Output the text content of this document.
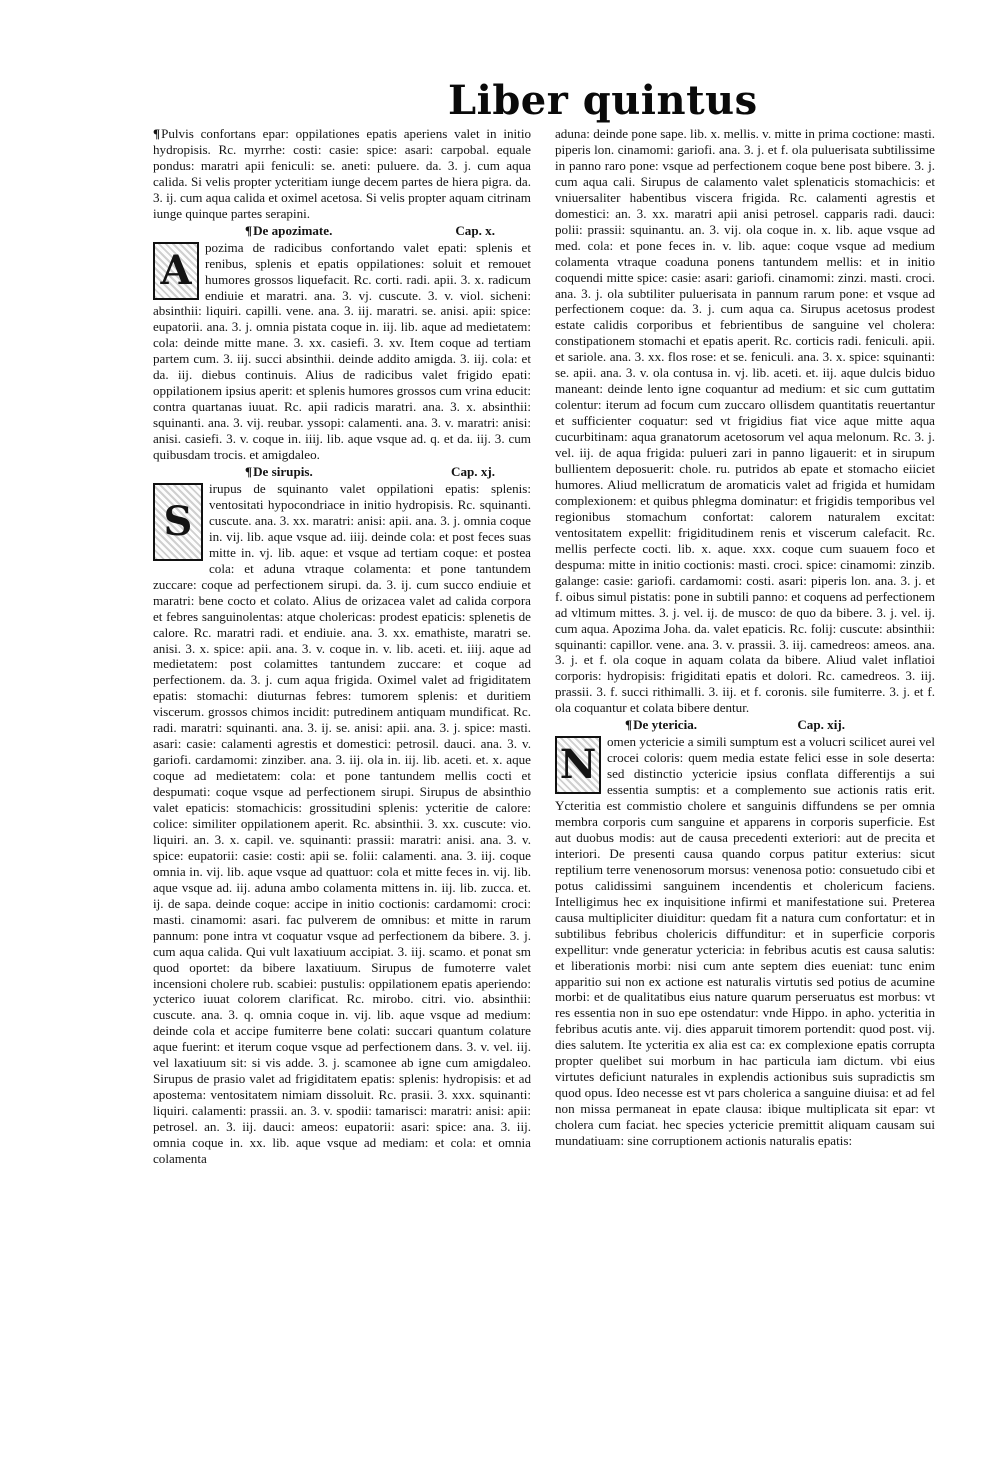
Liber quintus

¶Pulvis confortans epar: oppilationes epatis aperiens valet in initio hydropisis. Rc. myrrhe: costi: casie: spice: asari: carpobal. equale pondus: maratri apii feniculi: se. aneti: puluere. da. 3. j. cum aqua calida. Si velis propter ycteritiam iunge decem partes de hiera pigra. da. 3. ij. cum aqua calida et oximel acetosa. Si velis propter aquam citrinam iunge quinque partes serapini.

¶De apozimate.	Cap. x.

A	pozima de radicibus confortando valet epati: splenis et renibus, splenis et epatis oppilationes: soluit et remouet humores grossos liquefacit. Rc. corti. radi. apii. 3. x. radicum endiuie et maratri. ana. 3. vj. cuscute. 3. v. viol. sicheni: absinthii: liquiri. capilli. vene. ana. 3. iij. maratri. se. anisi. apii: spice: eupatorii. ana. 3. j. omnia pistata coque in. iij. lib. aque ad medietatem: cola: deinde mitte mane. 3. xx. casiefi. 3. xv. Item coque ad tertiam partem cum. 3. iij. succi absinthii. deinde addito amigda. 3. iij. cola: et da. iij. diebus continuis. Alius de radicibus valet frigido epati: oppilationem ipsius aperit: et splenis humores grossos cum vrina educit: contra quartanas iuuat. Rc. apii radicis maratri. ana. 3. x. absinthii: squinanti. ana. 3. vij. reubar. yssopi: calamenti. ana. 3. v. maratri: anisi: anisi. casiefi. 3. v. coque in. iiij. lib. aque vsque ad. q. et da. iij. 3. cum quibusdam trocis. et amigdaleo.

¶De sirupis.	Cap. xj.

S
irupus de squinanto valet oppilationi epatis: splenis: ventositati hypocondriace in initio hydropisis. Rc. squinanti. cuscute. ana. 3. xx. maratri: anisi: apii. ana. 3. j. omnia coque in. vij. lib. aque vsque ad. iiij. deinde cola: et post feces suas mitte in. vj. lib. aque: et vsque ad tertiam coque: et postea cola: et aduna vtraque colamenta: et pone tantundem zuccare: coque ad perfectionem sirupi. da. 3. ij. cum succo endiuie et maratri: bene cocto et colato. Alius de orizacea valet ad calida corpora et febres sanguinolentas: atque cholericas: prodest epaticis: splenetis de calore. Rc. maratri radi. et endiuie. ana. 3. xx. emathiste, maratri se. anisi. 3. x. spice: apii. ana. 3. v. coque in. v. lib. aceti. et. iiij. aque ad medietatem: post colamittes tantundem zuccare: et coque ad perfectionem. da. 3. j. cum aqua frigida. Oximel valet ad frigiditatem epatis: stomachi: diuturnas febres: tumorem splenis: et duritiem viscerum. grossos chimos incidit: putredinem antiquam mundificat. Rc. radi. maratri: squinanti. ana. 3. ij. se. anisi: apii. ana. 3. j. spice: masti. asari: casie: calamenti agrestis et domestici: petrosil. dauci. ana. 3. v. gariofi. cardamomi: zinziber. ana. 3. iij. ola in. iij. lib. aceti. et. x. aque coque ad medietatem: cola: et pone tantundem mellis cocti et despumati: coque vsque ad perfectionem sirupi. Sirupus de absinthio valet epaticis: stomachicis: grossitudini splenis: ycteritie de calore: colice: similiter oppilationem aperit. Rc. absinthii. 3. xx. cuscute: vio. liquiri. an. 3. x. capil. ve. squinanti: prassii: maratri: anisi. ana. 3. v. spice: eupatorii: casie: costi: apii se. folii: calamenti. ana. 3. iij. coque omnia in. vij. lib. aque vsque ad quattuor: cola et mitte feces in. vij. lib. aque vsque ad. iij. aduna ambo colamenta mittens in. iij. lib. zucca. et. ij. de sapa. deinde coque: accipe in initio coctionis: cardamomi: croci: masti. cinamomi: asari. fac pulverem de omnibus: et mitte in rarum pannum: pone intra vt coquatur vsque ad perfectionem da bibere. 3. j. cum aqua calida. Qui vult laxatiuum accipiat. 3. iij. scamo. et ponat sm quod oportet: da bibere laxatiuum. Sirupus de fumoterre valet incensioni cholere rub. scabiei: pustulis: oppilationem epatis aperiendo: ycterico iuuat colorem clarificat. Rc. mirobo. citri. vio. absinthii: cuscute. ana. 3. q. omnia coque in. vij. lib. aque vsque ad medium: deinde cola et accipe fumiterre bene colati: succari quantum colature aque fuerint: et iterum coque vsque ad perfectionem dans. 3. v. vel. iij. vel laxatiuum sit: si vis adde. 3. j. scamonee ab igne cum amigdaleo. Sirupus de prasio valet ad frigiditatem epatis: splenis: hydropisis: et ad apostema: ventositatem nimiam dissoluit. Rc. prasii. 3. xxx. squinanti: liquiri. calamenti: prassii. an. 3. v. spodii: tamarisci: maratri: anisi: apii: petrosel. an. 3. iij. dauci: ameos: eupatorii: asari: spice: ana. 3. iij. omnia coque in. xx. lib. aque vsque ad mediam: et cola: et omnia colamenta

aduna: deinde pone sape. lib. x. mellis. v. mitte in prima coctione: masti. piperis lon. cinamomi: gariofi. ana. 3. j. et f. ola puluerisata subtilissime in panno raro pone: vsque ad perfectionem coque bene post bibere. 3. j. cum aqua cali. Sirupus de calamento valet splenaticis stomachicis: et vniuersaliter habentibus viscera frigida. Rc. calamenti agrestis et domestici: an. 3. xx. maratri apii anisi petrosel. capparis radi. dauci: polii: prassii: squinantu. an. 3. vij. ola coque in. x. lib. aque vsque ad med. cola: et pone feces in. v. lib. aque: coque vsque ad medium colamenta vtraque coaduna ponens tantundem mellis: et in initio coquendi mitte spice: casie: asari: gariofi. cinamomi: zinzi. masti. croci. ana. 3. j. ola subtiliter puluerisata in pannum rarum pone: et vsque ad perfectionem coque: da. 3. j. cum aqua ca. Sirupus acetosus prodest estate calidis corporibus et febrientibus de sanguine vel cholera: constipationem stomachi et epatis aperit. Rc. corticis radi. feniculi. apii. et sariole. ana. 3. xx. flos rose: et se. feniculi. ana. 3. x. spice: squinanti: se. apii. ana. 3. v. ola contusa in. vj. lib. aceti. et. iij. aque dulcis biduo maneant: deinde lento igne coquantur ad medium: et sic cum guttatim colentur: iterum ad focum cum zuccaro ollisdem quantitatis reuertantur et sufficienter coquatur: sed vt frigidius fiat vice aque mitte aqua cucurbitinam: aqua granatorum acetosorum vel aqua melonum. Rc. 3. j. vel. iij. de aqua frigida: pulueri zari in panno ligauerit: et in sirupum bullientem deposuerit: chole. ru. putridos ab epate et stomacho eiiciet humores. Aliud mellicratum de aromaticis valet ad frigida et humidam complexionem: et quibus phlegma dominatur: et frigidis temporibus vel regionibus stomachum confortat: calorem naturalem excitat: ventositatem expellit: frigiditudinem renis et viscerum calefacit. Rc. mellis perfecte cocti. lib. x. aque. xxx. coque cum suauem foco et despuma: mitte in initio coctionis: masti. croci. spice: cinamomi: zinzib. galange: casie: gariofi. cardamomi: costi. asari: piperis lon. ana. 3. j. et f. oibus simul pistatis: pone in subtili panno: et coquens ad perfectionem ad vltimum mittes. 3. j. vel. ij. de musco: de quo da bibere. 3. j. vel. ij. cum aqua. Apozima Joha. da. valet epaticis. Rc. folij: cuscute: absinthii: squinanti: capillor. vene. ana. 3. v. prassii. 3. iij. camedreos: ameos. ana. 3. j. et f. ola coque in aquam colata da bibere. Aliud valet inflatioi corporis: hydropisis: frigiditati epatis et dolori. Rc. camedreos. 3. iij. prassii. 3. f. succi rithimalli. 3. iij. et f. coronis. sile fumiterre. 3. j. et f. ola coquantur et colata bibere dentur.

¶De ytericia.	Cap. xij.

N omen yctericie a simili sumptum est a volucri scilicet aurei vel crocei coloris: quem media estate felici esse in sole deserta: sed distinctio yctericie ipsius conflata differentijs a sui essentia sumptis: et a complemento sue actionis ratis erit. Ycteritia est commistio cholere et sanguinis diffundens se per omnia membra corporis cum sanguine et apparens in corporis superficie. Est aut duobus modis: aut de causa precedenti exteriori: aut de precita et interiori. De presenti causa quando corpus patitur exterius: sicut reptilium terre venenosorum morsus: venenosa potio: consuetudo cibi et potus calidissimi sanguinem incendentis et cholericum faciens. Intelligimus hec ex inquisitione infirmi et manifestatione sui. Preterea causa multipliciter diuiditur: quedam fit a natura cum confortatur: et in subtilibus febribus cholericis diffunditur: et in superficie corporis expellitur: vnde generatur yctericia: in febribus acutis est causa salutis: et liberationis morbi: nisi cum ante septem dies eueniat: tunc enim apparitio sui non ex actione est naturalis virtutis sed potius de acumine morbi: et de qualitatibus eius nature quarum perseruatus est morbus: vt res essentia non in suo epe ostendatur: vnde Hippo. in apho. ycteritia in febribus acutis ante. vij. dies apparuit timorem portendit: quod post. vij. dies salutem. Ite ycteritia ex alia est ca: ex complexione epatis corrupta propter quelibet sui morbum in hac particula iam dictum. vbi eius virtutes deficiunt naturales in explendis actionibus suis supradictis sm quod opus. Ideo necesse est vt pars cholerica a sanguine diuisa: et ad fel non missa permaneat in epate clausa: ibique multiplicata sit epar: vt cholera cum faciat. hec species yctericie premittit aliquam causam sui mundatiuam: sine corruptionem actionis naturalis epatis:
